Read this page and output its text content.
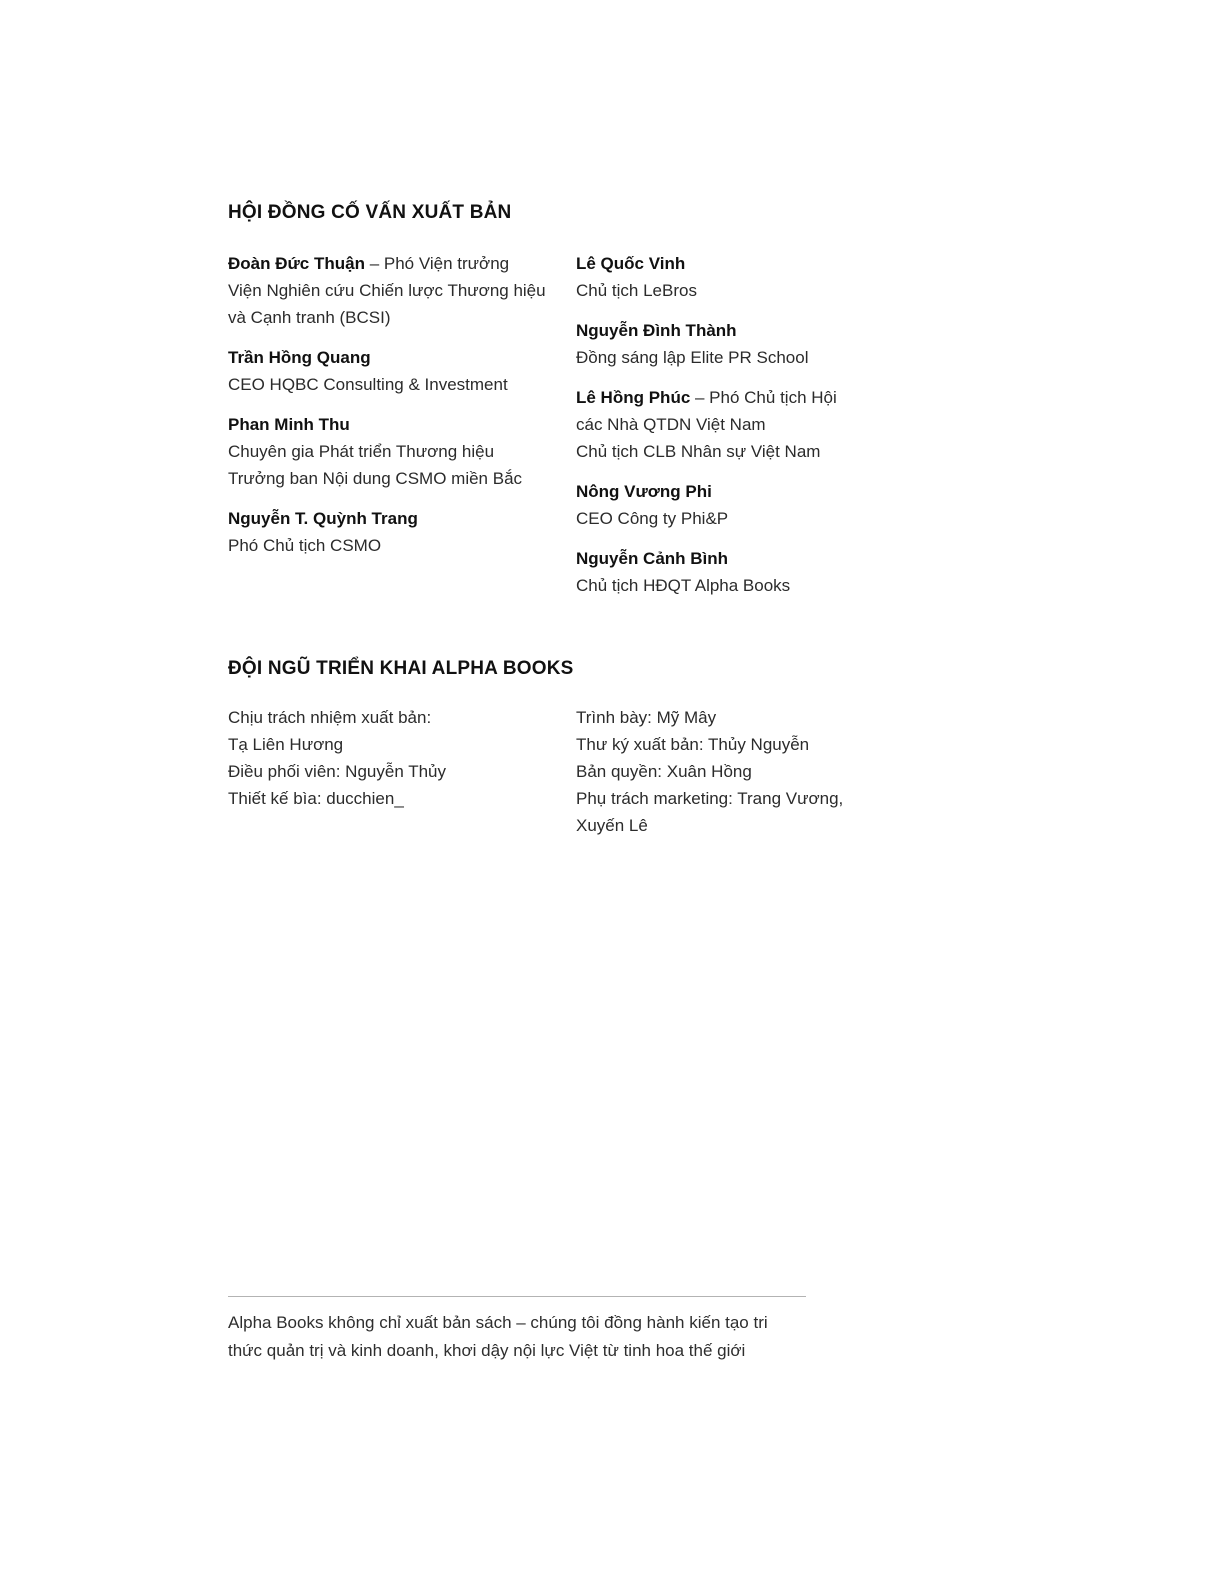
HỘI ĐỒNG CỐ VẤN XUẤT BẢN

Đoàn Đức Thuận – Phó Viện trưởng Viện Nghiên cứu Chiến lược Thương hiệu và Cạnh tranh (BCSI)

Trần Hồng Quang

CEO HQBC Consulting & Investment

Phan Minh Thu

Chuyên gia Phát triển Thương hiệu
Trưởng ban Nội dung CSMO miền Bắc

Nguyễn T. Quỳnh Trang

Phó Chủ tịch CSMO

Lê Quốc Vinh

Chủ tịch LeBros

Nguyễn Đình Thành

Đồng sáng lập Elite PR School

Lê Hồng Phúc – Phó Chủ tịch Hội các Nhà QTDN Việt Nam

Chủ tịch CLB Nhân sự Việt Nam

Nông Vương Phi

CEO Công ty Phi&P

Nguyễn Cảnh Bình

Chủ tịch HĐQT Alpha Books
ĐỘI NGŨ TRIỂN KHAI ALPHA BOOKS
Chịu trách nhiệm xuất bản:
Tạ Liên Hương
Điều phối viên: Nguyễn Thủy
Thiết kế bìa: ducchien_
Trình bày: Mỹ Mây
Thư ký xuất bản: Thủy Nguyễn
Bản quyền: Xuân Hồng
Phụ trách marketing: Trang Vương, Xuyến Lê

Alpha Books không chỉ xuất bản sách – chúng tôi đồng hành kiến tạo tri thức quản trị và kinh doanh, khơi dậy nội lực Việt từ tinh hoa thế giới
